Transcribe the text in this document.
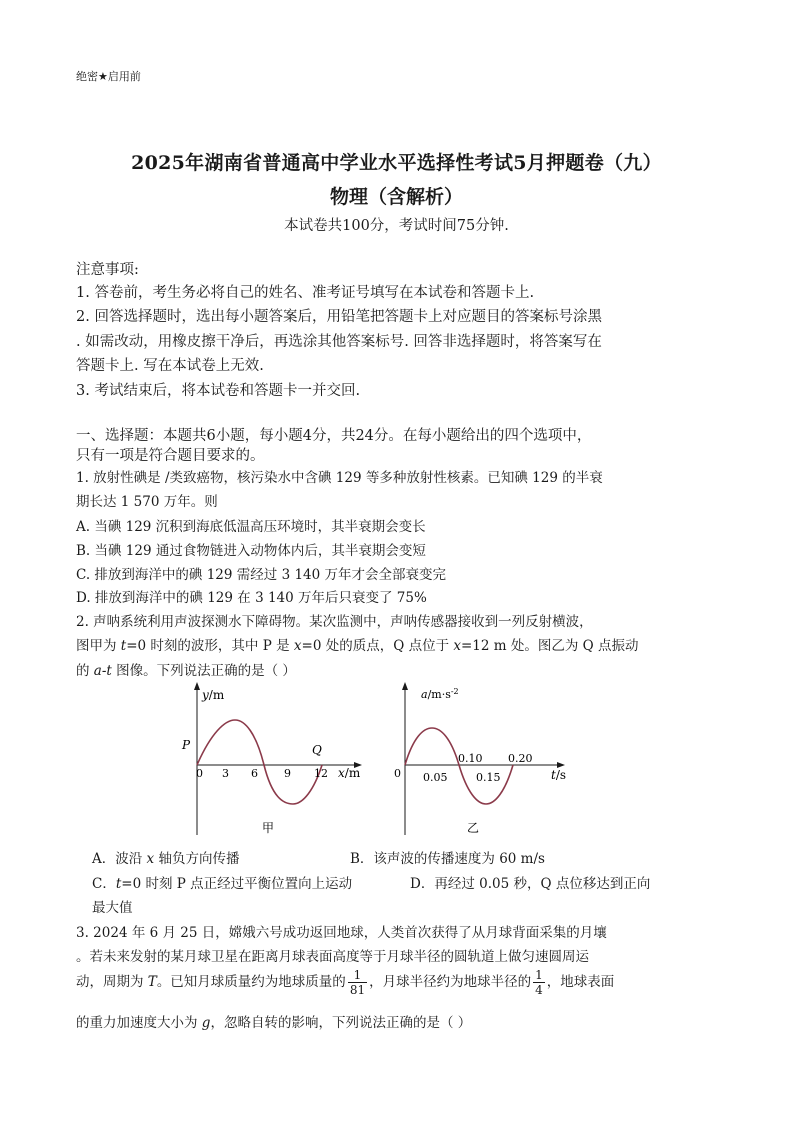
绝密★启用前
2025年湖南省普通高中学业水平选择性考试5月押题卷（九）
物理（含解析）
本试卷共100分，考试时间75分钟.
注意事项:
1. 答卷前，考生务必将自己的姓名、准考证号填写在本试卷和答题卡上.
2. 回答选择题时，选出每小题答案后，用铅笔把答题卡上对应题目的答案标号涂黑
. 如需改动，用橡皮擦干净后，再选涂其他答案标号. 回答非选择题时，将答案写在
答题卡上. 写在本试卷上无效.
3. 考试结束后，将本试卷和答题卡一并交回.
一、选择题：本题共6小题，每小题4分，共24分。在每小题给出的四个选项中，
只有一项是符合题目要求的。
1. 放射性碘是 /类致癌物，核污染水中含碘 129 等多种放射性核素。已知碘 129 的半衰
期长达 1 570 万年。则
A. 当碘 129 沉积到海底低温高压环境时，其半衰期会变长
B. 当碘 129 通过食物链进入动物体内后，其半衰期会变短
C. 排放到海洋中的碘 129 需经过 3 140 万年才会全部衰变完
D. 排放到海洋中的碘 129 在 3 140 万年后只衰变了 75%
2. 声呐系统利用声波探测水下障碍物。某次监测中，声呐传感器接收到一列反射横波，
图甲为 t=0 时刻的波形，其中 P 是 x=0 处的质点，Q 点位于 x=12 m 处。图乙为 Q 点振动
的 a-t 图像。下列说法正确的是（ ）
y/m
P	Q
0 3 6 9 12 x/m
甲
$a/m\cdot s^{-2}$
0 0.05	0.15
0.10 0.20
t/s
乙
A．波沿 x 轴负方向传播	B．该声波的传播速度为 60 m/s
C．t=0 时刻 P 点正经过平衡位置向上运动	D．再经过 0.05 秒，Q 点位移达到正向
最大值
3. 2024 年 6 月 25 日，嫦娥六号成功返回地球，人类首次获得了从月球背面采集的月壤
。若未来发射的某月球卫星在距离月球表面高度等于月球半径的圆轨道上做匀速圆周运
动，周期为 T。已知月球质量约为地球质量的 $\frac{1}{81}$ ，月球半径约为地球半径的 $\frac{1}{4}$ ，地球表面
的重力加速度大小为 g，忽略自转的影响，下列说法正确的是（ ）
